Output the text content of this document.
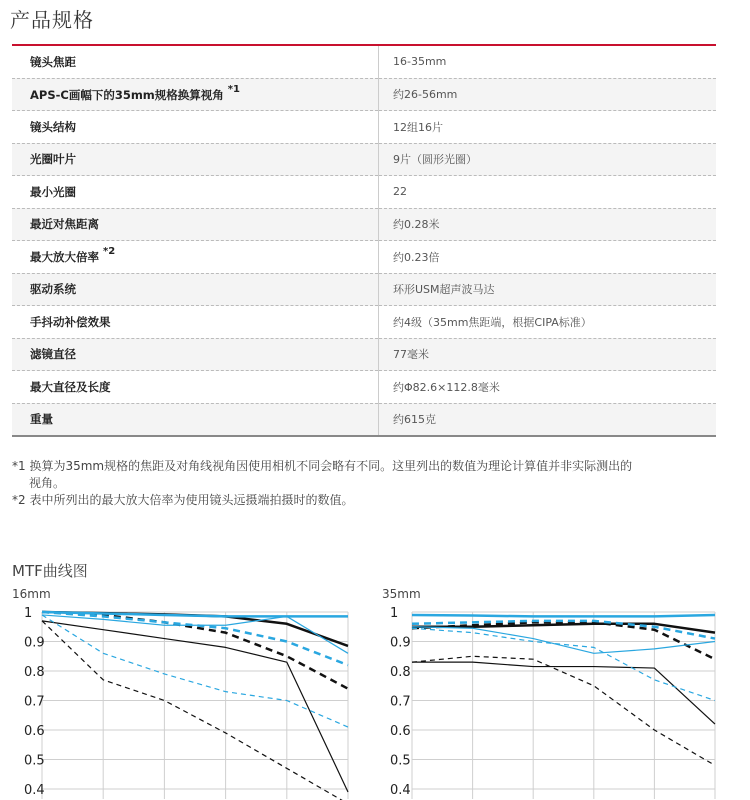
产品规格
镜头焦距	16-35mm
APS-C画幅下的35mm规格换算视角 $^{*1}$	约26-56mm
镜头结构	12组16片
光圈叶片	9片（圆形光圈）
最小光圈	22
最近对焦距离	约0.28米
最大放大倍率 $^{*2}$	约0.23倍
驱动系统	环形USM超声波马达
手抖动补偿效果	约4级（35mm焦距端，根据CIPA标准）
滤镜直径	77毫米
最大直径及长度	约Φ82.6×112.8毫米
重量	约615克

*1 换算为35mm规格的焦距及对角线视角因使用相机不同会略有不同。这里列出的数值为理论计算值并非实际测出的

视角。

*2 表中所列出的最大放大倍率为使用镜头远摄端拍摄时的数值。

MTF曲线图
16mm	35mm
1
0.9
0.8
0.7
0.6
0.5
0.4
1
0.9
0.8
0.7
0.6
0.5
0.4
